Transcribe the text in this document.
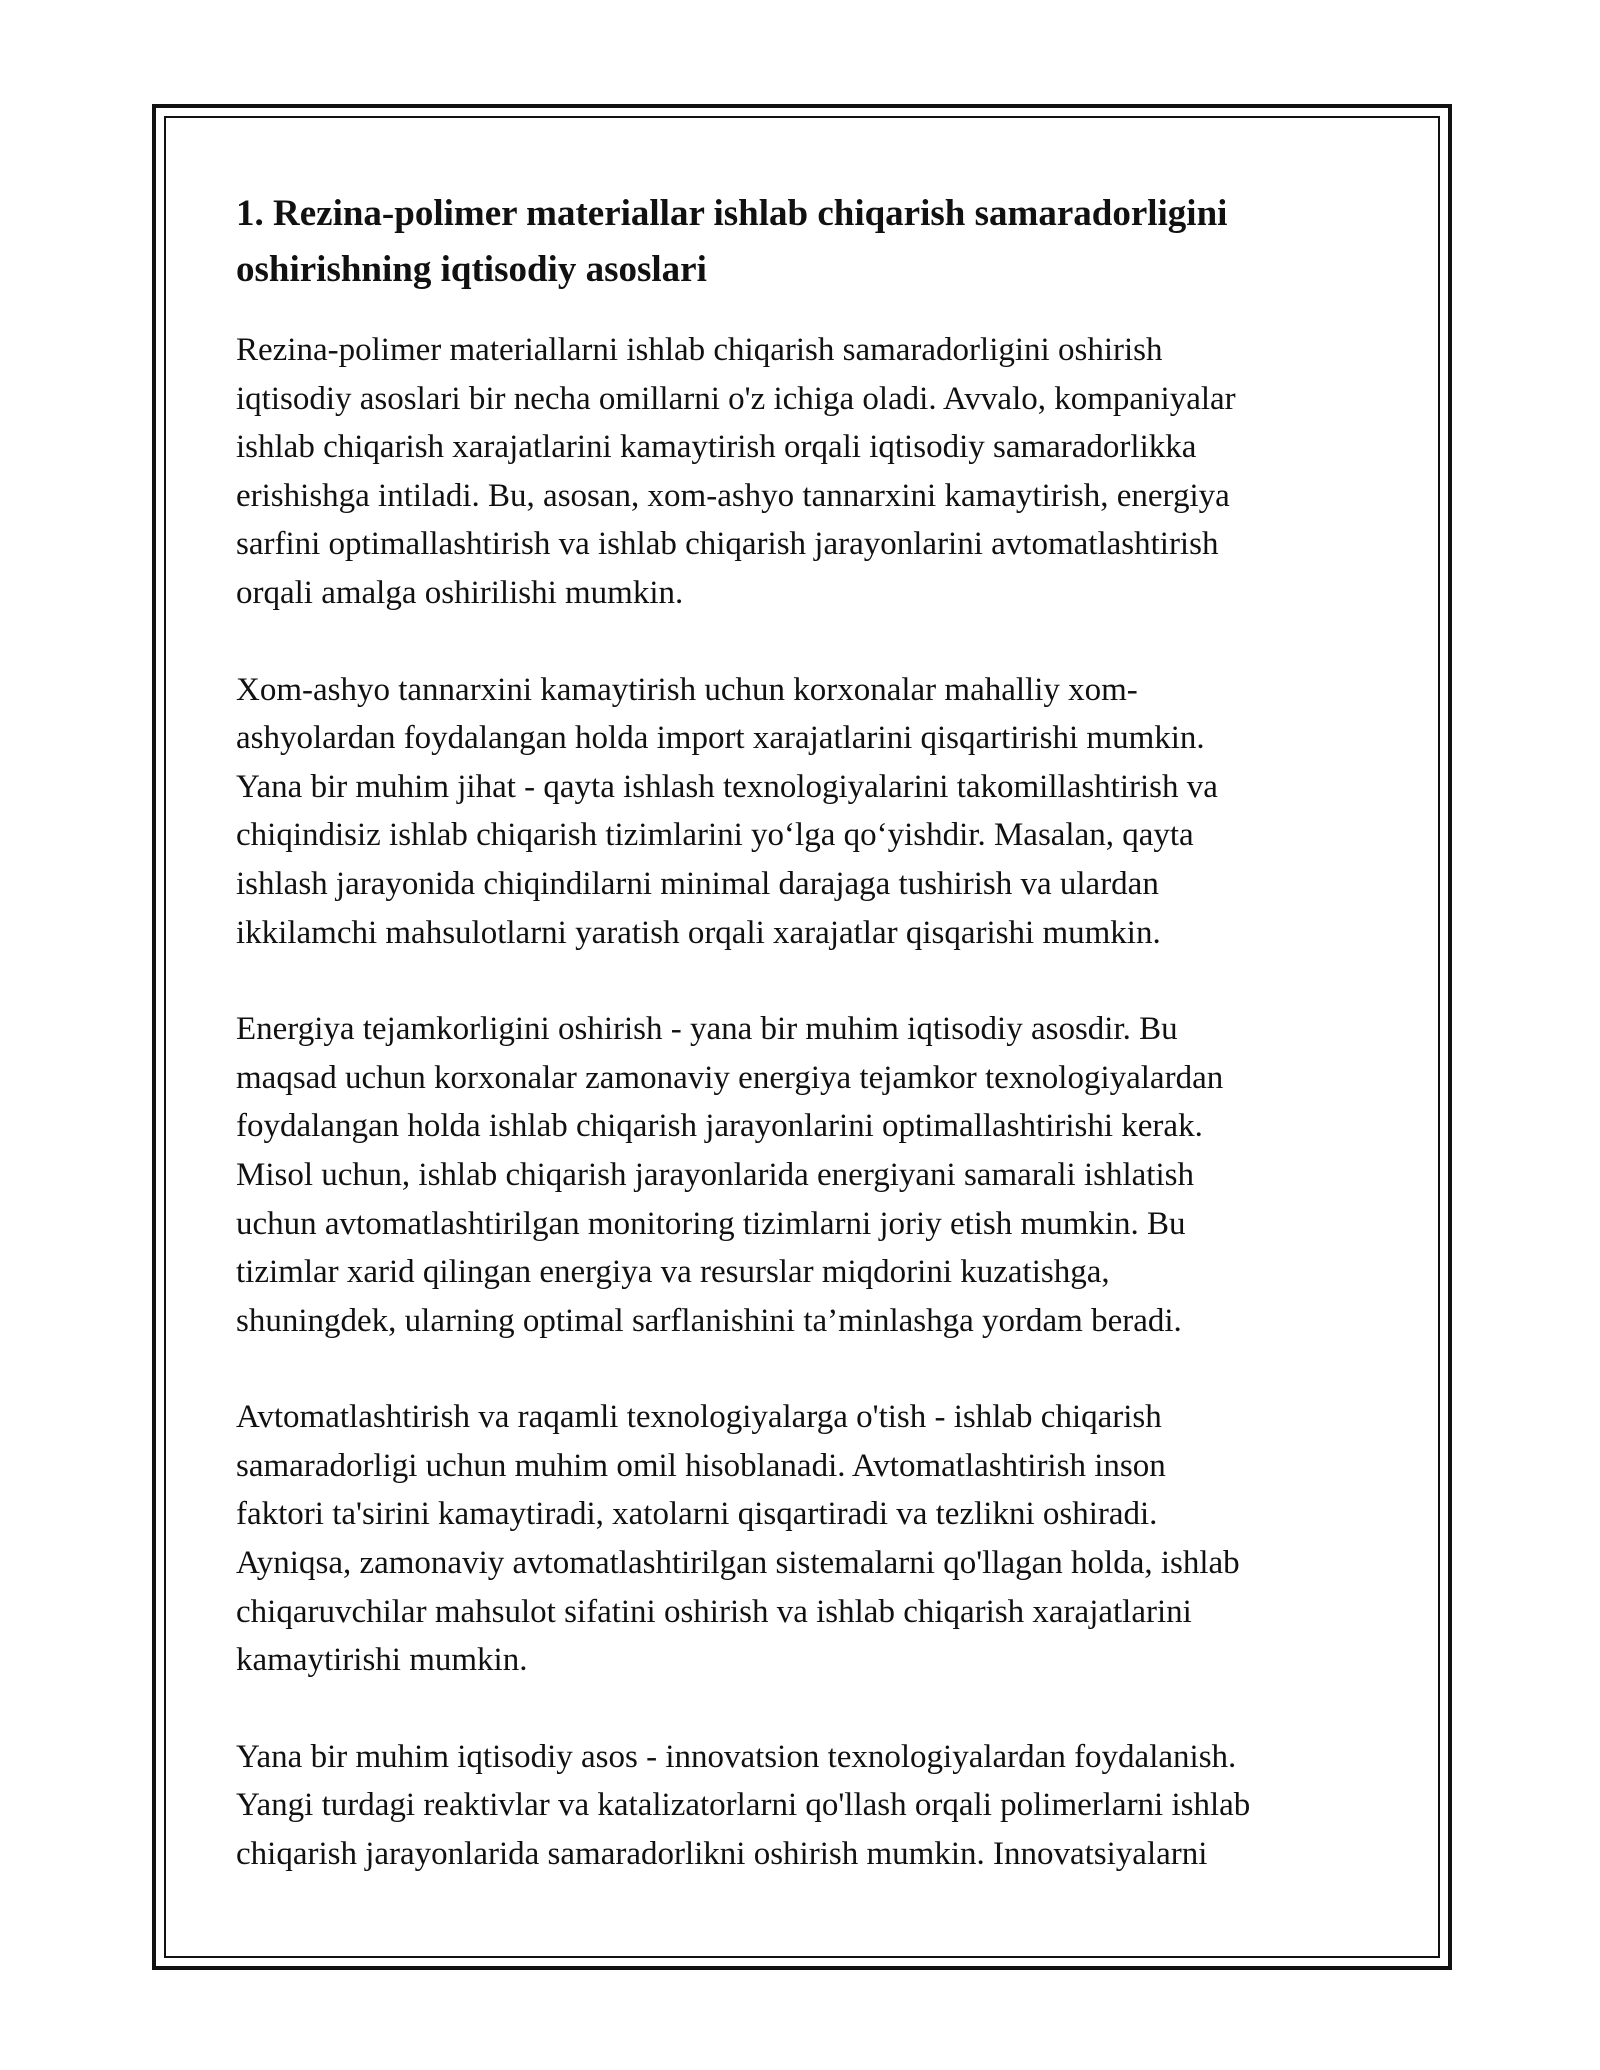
1. Rezina-polimer materiallar ishlab chiqarish samaradorligini
oshirishning iqtisodiy asoslari

Rezina-polimer materiallarni ishlab chiqarish samaradorligini oshirish
iqtisodiy asoslari bir necha omillarni o'z ichiga oladi. Avvalo, kompaniyalar
ishlab chiqarish xarajatlarini kamaytirish orqali iqtisodiy samaradorlikka
erishishga intiladi. Bu, asosan, xom-ashyo tannarxini kamaytirish, energiya
sarfini optimallashtirish va ishlab chiqarish jarayonlarini avtomatlashtirish
orqali amalga oshirilishi mumkin.

Xom-ashyo tannarxini kamaytirish uchun korxonalar mahalliy xom-
ashyolardan foydalangan holda import xarajatlarini qisqartirishi mumkin.
Yana bir muhim jihat - qayta ishlash texnologiyalarini takomillashtirish va
chiqindisiz ishlab chiqarish tizimlarini yo‘lga qo‘yishdir. Masalan, qayta
ishlash jarayonida chiqindilarni minimal darajaga tushirish va ulardan
ikkilamchi mahsulotlarni yaratish orqali xarajatlar qisqarishi mumkin.

Energiya tejamkorligini oshirish - yana bir muhim iqtisodiy asosdir. Bu
maqsad uchun korxonalar zamonaviy energiya tejamkor texnologiyalardan
foydalangan holda ishlab chiqarish jarayonlarini optimallashtirishi kerak.
Misol uchun, ishlab chiqarish jarayonlarida energiyani samarali ishlatish
uchun avtomatlashtirilgan monitoring tizimlarni joriy etish mumkin. Bu
tizimlar xarid qilingan energiya va resurslar miqdorini kuzatishga,
shuningdek, ularning optimal sarflanishini ta’minlashga yordam beradi.

Avtomatlashtirish va raqamli texnologiyalarga o'tish - ishlab chiqarish
samaradorligi uchun muhim omil hisoblanadi. Avtomatlashtirish inson
faktori ta'sirini kamaytiradi, xatolarni qisqartiradi va tezlikni oshiradi.
Ayniqsa, zamonaviy avtomatlashtirilgan sistemalarni qo'llagan holda, ishlab
chiqaruvchilar mahsulot sifatini oshirish va ishlab chiqarish xarajatlarini
kamaytirishi mumkin.

Yana bir muhim iqtisodiy asos - innovatsion texnologiyalardan foydalanish.
Yangi turdagi reaktivlar va katalizatorlarni qo'llash orqali polimerlarni ishlab
chiqarish jarayonlarida samaradorlikni oshirish mumkin. Innovatsiyalarni
